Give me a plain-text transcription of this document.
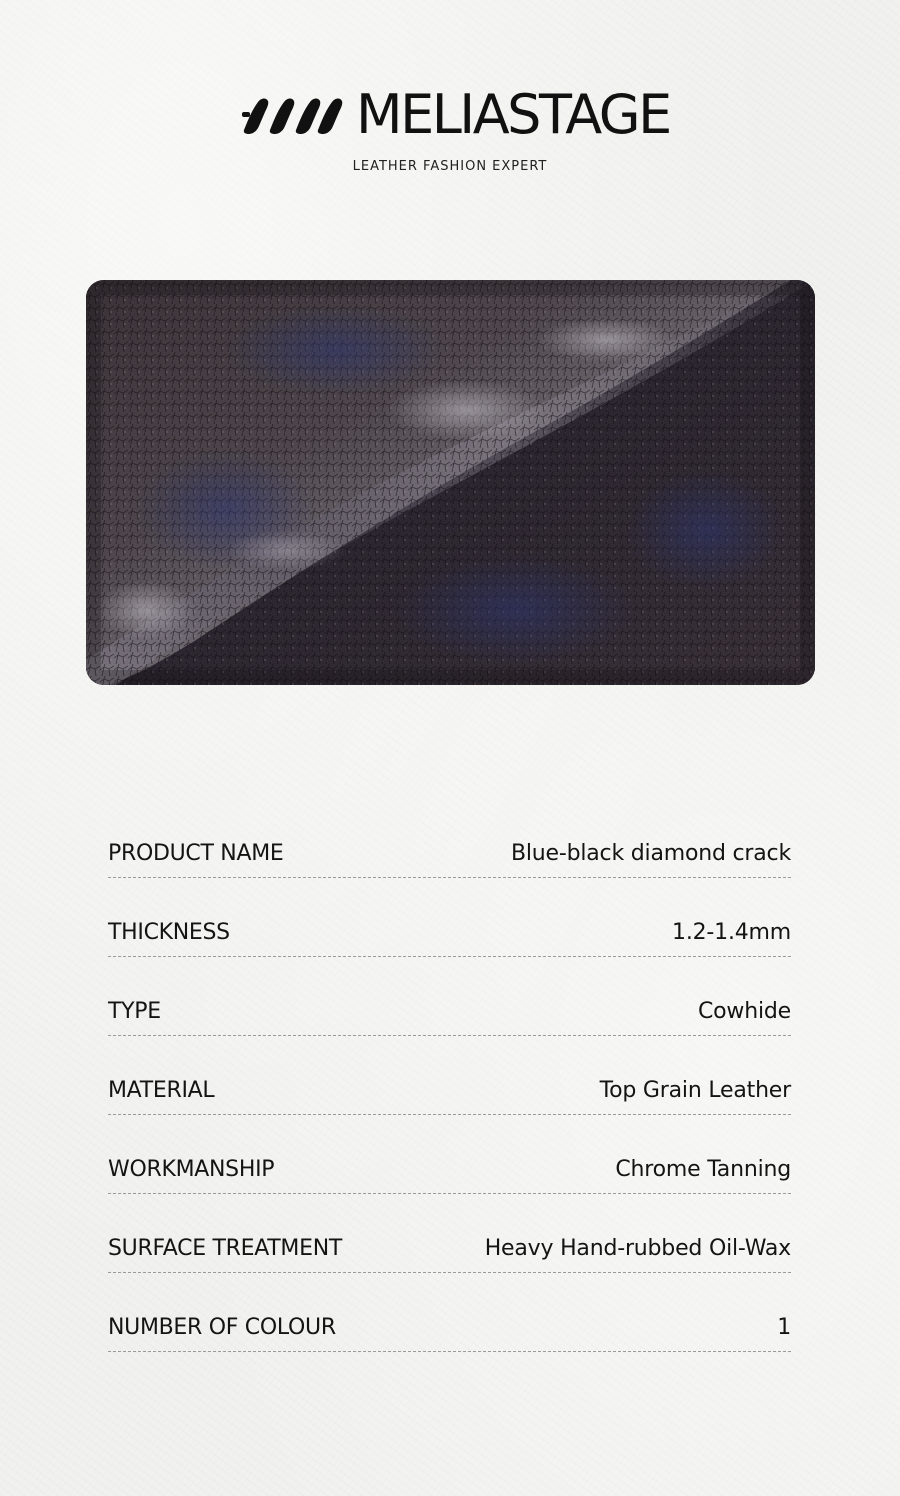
MELIASTAGE
LEATHER FASHION EXPERT
PRODUCT NAME	Blue-black diamond crack
THICKNESS	1.2-1.4mm
TYPE	Cowhide
MATERIAL	Top Grain Leather
WORKMANSHIP	Chrome Tanning
SURFACE TREATMENT	Heavy Hand-rubbed Oil-Wax
NUMBER OF COLOUR	1
